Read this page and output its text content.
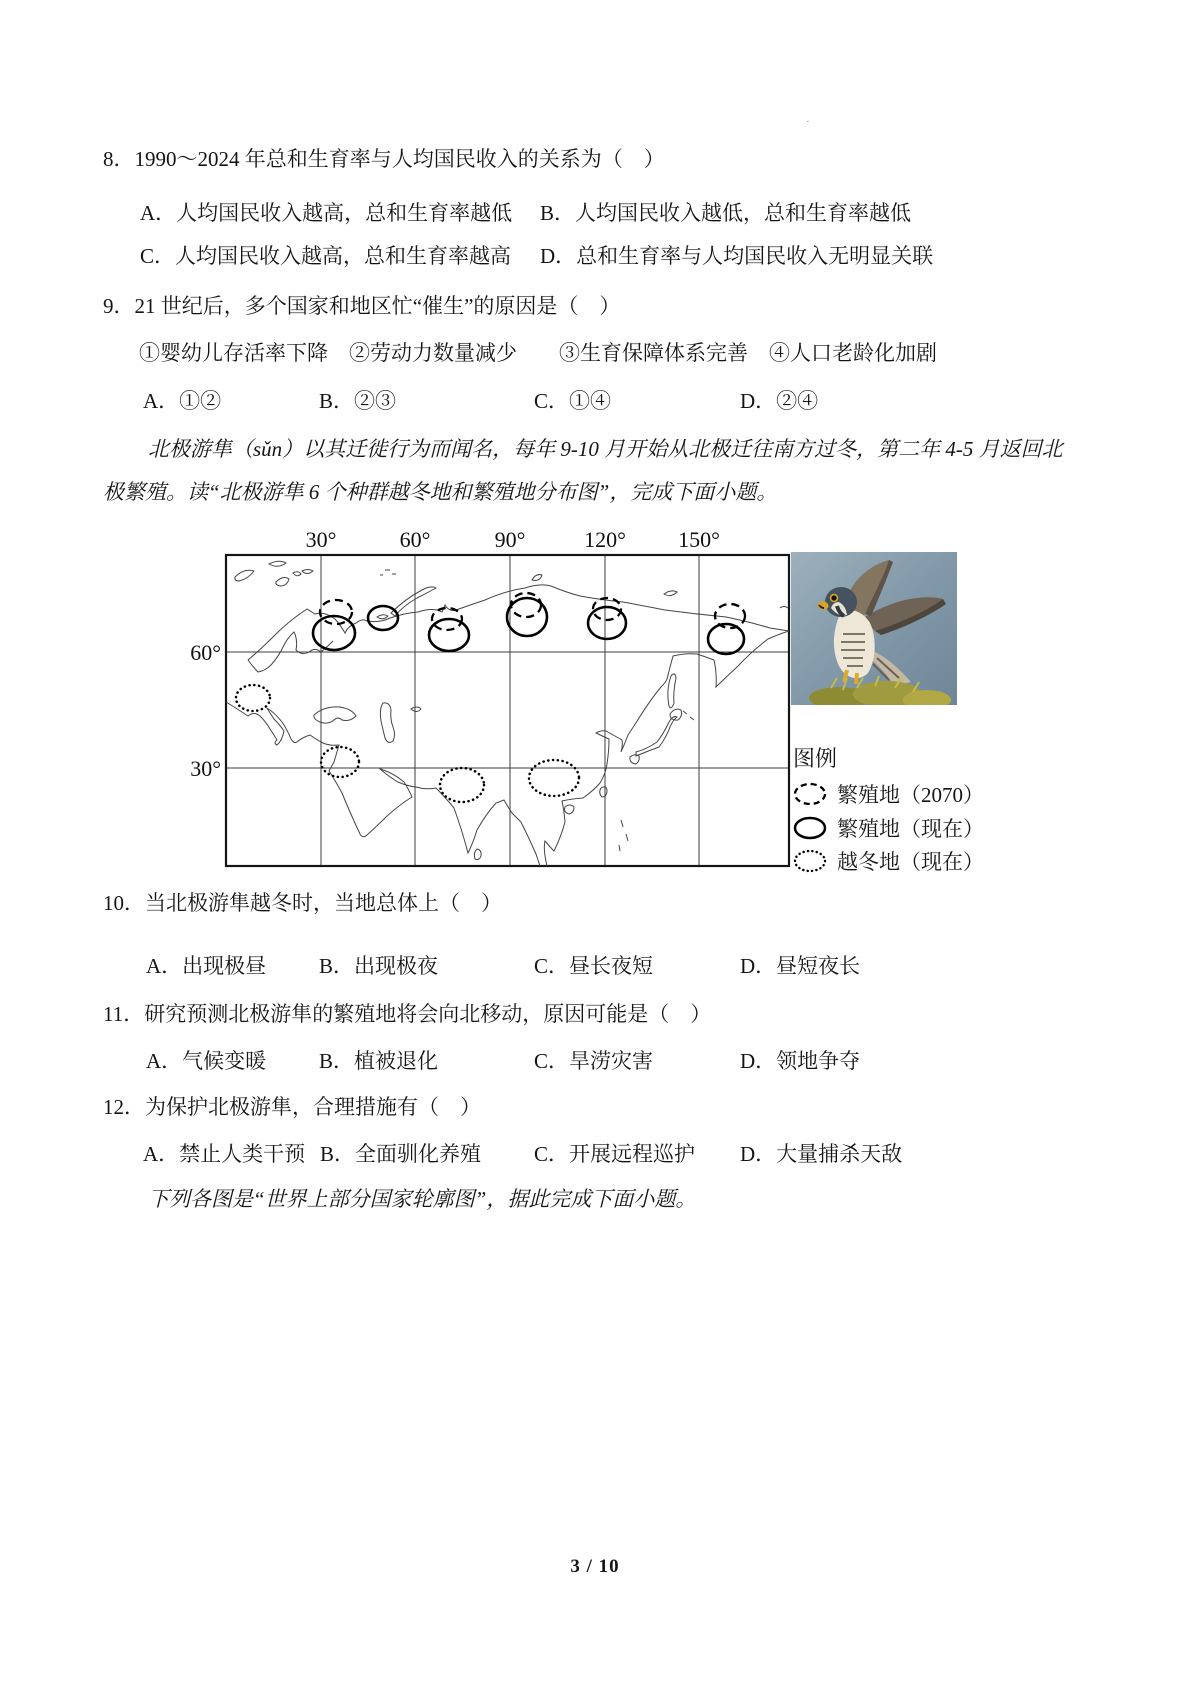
·
8．1990～2024 年总和生育率与人均国民收入的关系为（　）
A．人均国民收入越高，总和生育率越低 B．人均国民收入越低，总和生育率越低
C．人均国民收入越高，总和生育率越高 D．总和生育率与人均国民收入无明显关联
9．21 世纪后，多个国家和地区忙“催生”的原因是（　）
①婴幼儿存活率下降　②劳动力数量减少　　③生育保障体系完善　④人口老龄化加剧
A．①②	B．②③	C．①④	D．②④
北极游隼（sǔn）以其迁徙行为而闻名，每年 9-10 月开始从北极迁往南方过冬，第二年 4-5 月返回北
极繁殖。读“北极游隼 6 个种群越冬地和繁殖地分布图”，完成下面小题。
30°	60°	90°	120° 150°
60°
30°	图例
繁殖地（2070）
繁殖地（现在）
越冬地（现在）
10．当北极游隼越冬时，当地总体上（　）
A．出现极昼	B．出现极夜	C．昼长夜短	D．昼短夜长
11．研究预测北极游隼的繁殖地将会向北移动，原因可能是（　）
A．气候变暖	B．植被退化	C．旱涝灾害	D．领地争夺
12．为保护北极游隼，合理措施有（　）
A．禁止人类干预 B．全面驯化养殖	C．开展远程巡护 D．大量捕杀天敌
下列各图是“世界上部分国家轮廓图”，据此完成下面小题。
3 / 10
